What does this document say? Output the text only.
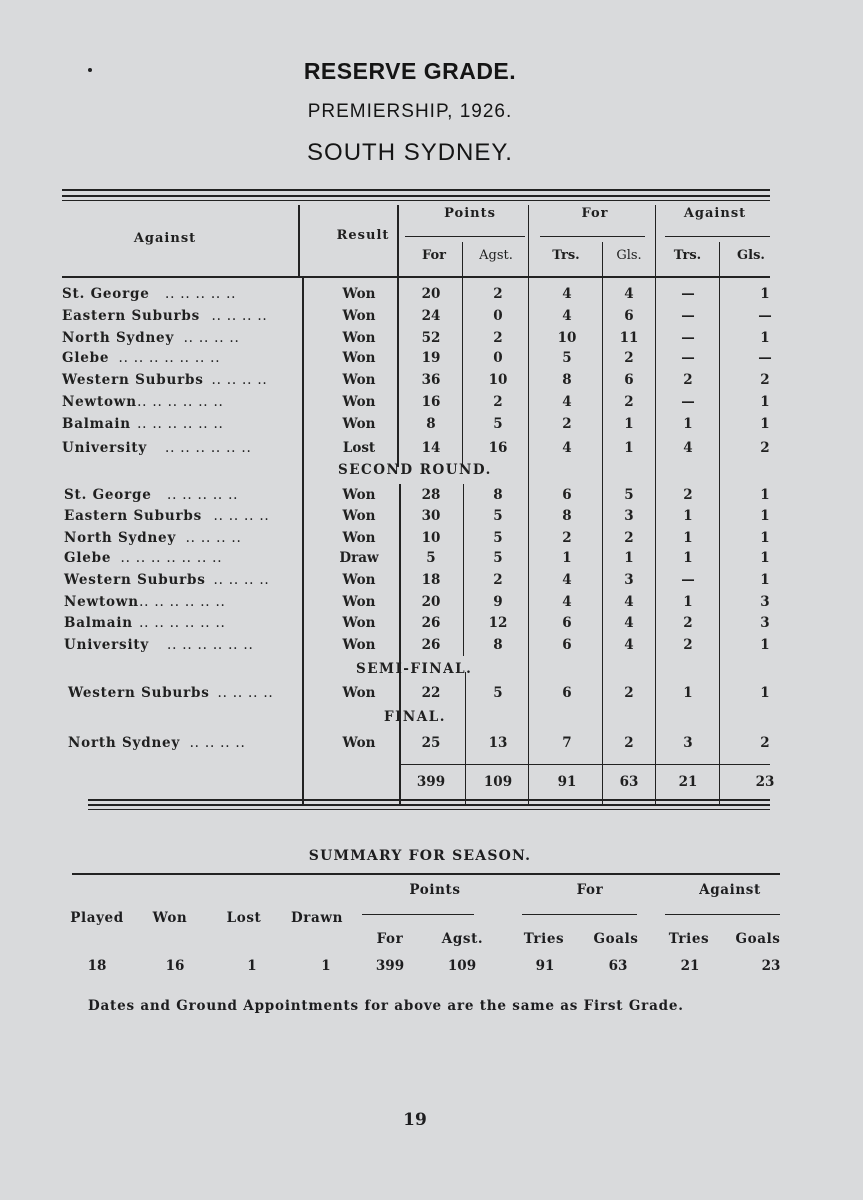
RESERVE GRADE.
PREMIERSHIP, 1926.
SOUTH SYDNEY.
Against	Result
Points	For	Against
For	Agst.	Trs.	Gls.	Trs.	Gls.
St. George .. .. .. .. ..	Won	20	2	4	4	—	1
Eastern Suburbs .. .. .. ..	Won	24	0	4	6	—	—
North Sydney .. .. .. ..	Won	52	2	10	11	—	1
Glebe .. .. .. .. .. .. ..	Won	19	0	5	2	—	—
Western Suburbs .. .. .. ..	Won	36	10	8	6	2	2
Newtown .. .. .. .. .. ..	Won	16	2	4	2	—	1
Balmain .. .. .. .. .. ..	Won	8	5	2	1	1	1
University .. .. .. .. .. ..	Lost	14	16	4	1	4	2
SECOND ROUND.
St. George .. .. .. .. ..	Won	28	8	6	5	2	1
Eastern Suburbs .. .. .. ..	Won	30	5	8	3	1	1
North Sydney .. .. .. ..	Won	10	5	2	2	1	1
Glebe .. .. .. .. .. .. ..	Draw	5	5	1	1	1	1
Western Suburbs .. .. .. ..	Won	18	2	4	3	—	1
Newtown .. .. .. .. .. ..	Won	20	9	4	4	1	3
Balmain .. .. .. .. .. ..	Won	26	12	6	4	2	3
University .. .. .. .. .. ..	Won	26	8	6	4	2	1
SEMI-FINAL.
Western Suburbs .. .. .. ..	Won	22	5	6	2	1	1
FINAL.
North Sydney .. .. .. ..	Won	25	13	7	2	3	2
399	109	91	63	21	23
SUMMARY FOR SEASON.
Points	For	Against
Played	Won	Lost	Drawn
For	Agst.	Tries	Goals	Tries	Goals
18	16	1	1	399	109	91	63	21	23
Dates and Ground Appointments for above are the same as First Grade.
19
